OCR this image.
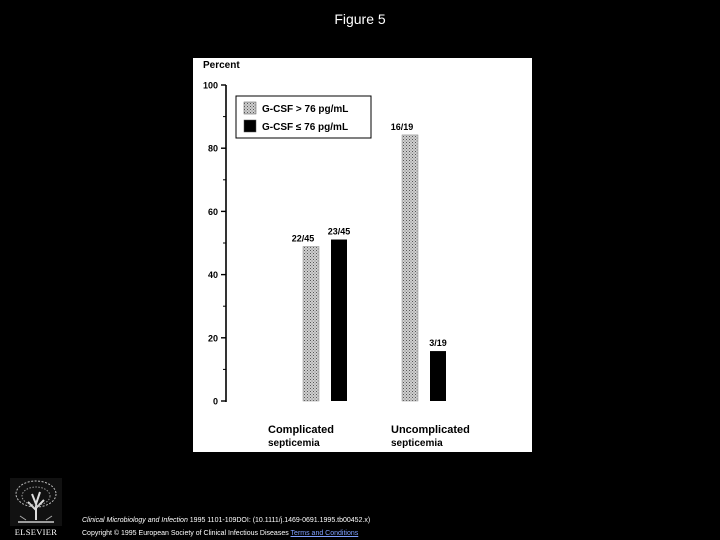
Figure 5
Percent
0
20
40
60
80
100
22/45
16/19
23/45
3/19
Complicated
septicemia
Uncomplicated
septicemia
G-CSF > 76 pg/mL
G-CSF ≤ 76 pg/mL
ELSEVIER
Clinical Microbiology and Infection 1995 1101-109DOI: (10.1111/j.1469-0691.1995.tb00452.x)
Copyright © 1995 European Society of Clinical Infectious Diseases Terms and Conditions
